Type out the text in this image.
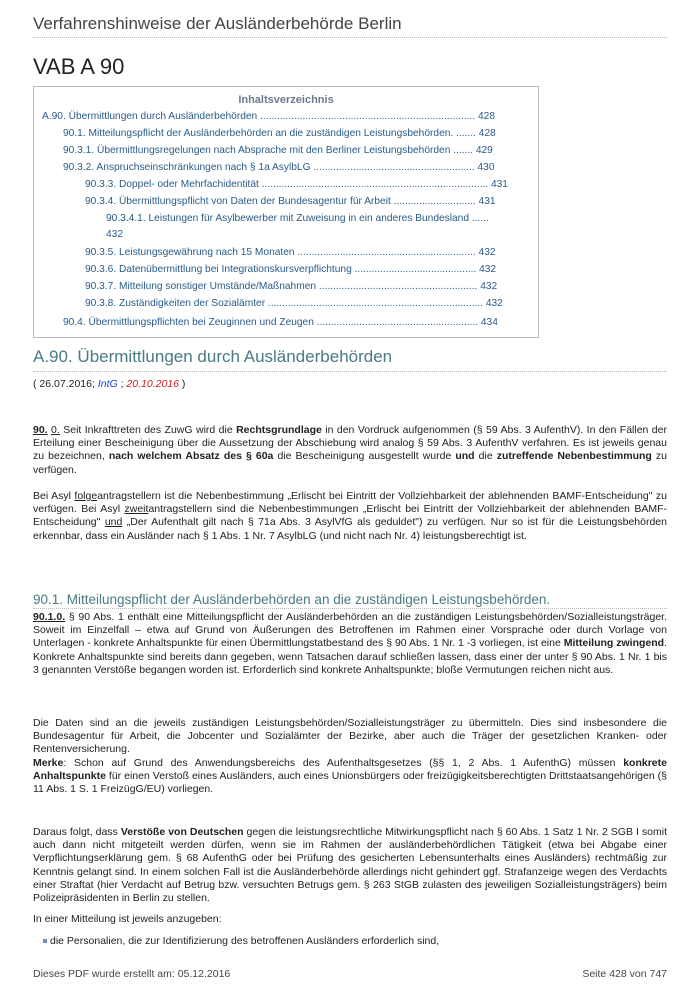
Verfahrenshinweise der Ausländerbehörde Berlin
VAB A 90
Inhaltsverzeichnis
A.90. Übermittlungen durch Ausländerbehörden ............................................................................ 428
90.1. Mitteilungspflicht der Ausländerbehörden an die zuständigen Leistungsbehörden. ....... 428
90.3.1. Übermittlungsregelungen nach Absprache mit den Berliner Leistungsbehörden ....... 429
90.3.2. Anspruchseinschränkungen nach § 1a AsylbLG ......................................................... 430
90.3.3. Doppel- oder Mehrfachidentität ................................................................................ 431
90.3.4. Übermittlungspflicht von Daten der Bundesagentur für Arbeit ............................. 431
90.3.4.1. Leistungen für Asylbewerber mit Zuweisung in ein anderes Bundesland ......
432
90.3.5. Leistungsgewährung nach 15 Monaten ............................................................... 432
90.3.6. Datenübermittlung bei Integrationskursverpflichtung ........................................... 432
90.3.7. Mitteilung sonstiger Umstände/Maßnahmen ........................................................ 432
90.3.8. Zuständigkeiten der Sozialämter ............................................................................ 432
90.4. Übermittlungspflichten bei Zeuginnen und Zeugen ......................................................... 434
A.90. Übermittlungen durch Ausländerbehörden
( 26.07.2016; IntG ; 20.10.2016 )
90. 0. Seit Inkrafttreten des ZuwG wird die Rechtsgrundlage in den Vordruck aufgenommen (§ 59 Abs. 3 AufenthV). In den Fällen der Erteilung einer Bescheinigung über die Aussetzung der Abschiebung wird analog § 59 Abs. 3 AufenthV verfahren. Es ist jeweils genau zu bezeichnen, nach welchem Absatz des § 60a die Bescheinigung ausgestellt wurde und die zutreffende Nebenbestimmung zu verfügen.
Bei Asyl folgeantragstellern ist die Nebenbestimmung „Erlischt bei Eintritt der Vollziehbarkeit der ablehnenden BAMF-Entscheidung" zu verfügen. Bei Asyl zweitantragstellern sind die Nebenbestimmungen „Erlischt bei Eintritt der Vollziehbarkeit der ablehnenden BAMF-Entscheidung" und „Der Aufenthalt gilt nach § 71a Abs. 3 AsylVfG als geduldet") zu verfügen. Nur so ist für die Leistungsbehörden erkennbar, dass ein Ausländer nach § 1 Abs. 1 Nr. 7 AsylbLG (und nicht nach Nr. 4) leistungsberechtigt ist.
90.1. Mitteilungspflicht der Ausländerbehörden an die zuständigen Leistungsbehörden.
90.1.0. § 90 Abs. 1 enthält eine Mitteilungspflicht der Ausländerbehörden an die zuständigen Leistungsbehörden/Sozialleistungsträger. Soweit im Einzelfall – etwa auf Grund von Äußerungen des Betroffenen im Rahmen einer Vorsprache oder durch Vorlage von Unterlagen - konkrete Anhaltspunkte für einen Übermittlungstatbestand des § 90 Abs. 1 Nr. 1 -3 vorliegen, ist eine Mitteilung zwingend. Konkrete Anhaltspunkte sind bereits dann gegeben, wenn Tatsachen darauf schließen lassen, dass einer der unter § 90 Abs. 1 Nr. 1 bis 3 genannten Verstöße begangen worden ist. Erforderlich sind konkrete Anhaltspunkte; bloße Vermutungen reichen nicht aus.
Die Daten sind an die jeweils zuständigen Leistungsbehörden/Sozialleistungsträger zu übermitteln. Dies sind insbesondere die Bundesagentur für Arbeit, die Jobcenter und Sozialämter der Bezirke, aber auch die Träger der gesetzlichen Kranken- oder Rentenversicherung.
Merke: Schon auf Grund des Anwendungsbereichs des Aufenthaltsgesetzes (§§ 1, 2 Abs. 1 AufenthG) müssen konkrete Anhaltspunkte für einen Verstoß eines Ausländers, auch eines Unionsbürgers oder freizügigkeitsberechtigten Drittstaatsangehörigen (§ 11 Abs. 1 S. 1 FreizügG/EU) vorliegen.
Daraus folgt, dass Verstöße von Deutschen gegen die leistungsrechtliche Mitwirkungspflicht nach § 60 Abs. 1 Satz 1 Nr. 2 SGB I somit auch dann nicht mitgeteilt werden dürfen, wenn sie im Rahmen der ausländerbehördlichen Tätigkeit (etwa bei Abgabe einer Verpflichtungserklärung gem. § 68 AufenthG oder bei Prüfung des gesicherten Lebensunterhalts eines Ausländers) rechtmäßig zur Kenntnis gelangt sind. In einem solchen Fall ist die Ausländerbehörde allerdings nicht gehindert ggf. Strafanzeige wegen des Verdachts einer Straftat (hier Verdacht auf Betrug bzw. versuchten Betrugs gem. § 263 StGB zulasten des jeweiligen Sozialleistungsträgers) beim Polizeipräsidenten in Berlin zu stellen.
In einer Mitteilung ist jeweils anzugeben:
die Personalien, die zur Identifizierung des betroffenen Ausländers erforderlich sind,
Dieses PDF wurde erstellt am: 05.12.2016	Seite 428 von 747
